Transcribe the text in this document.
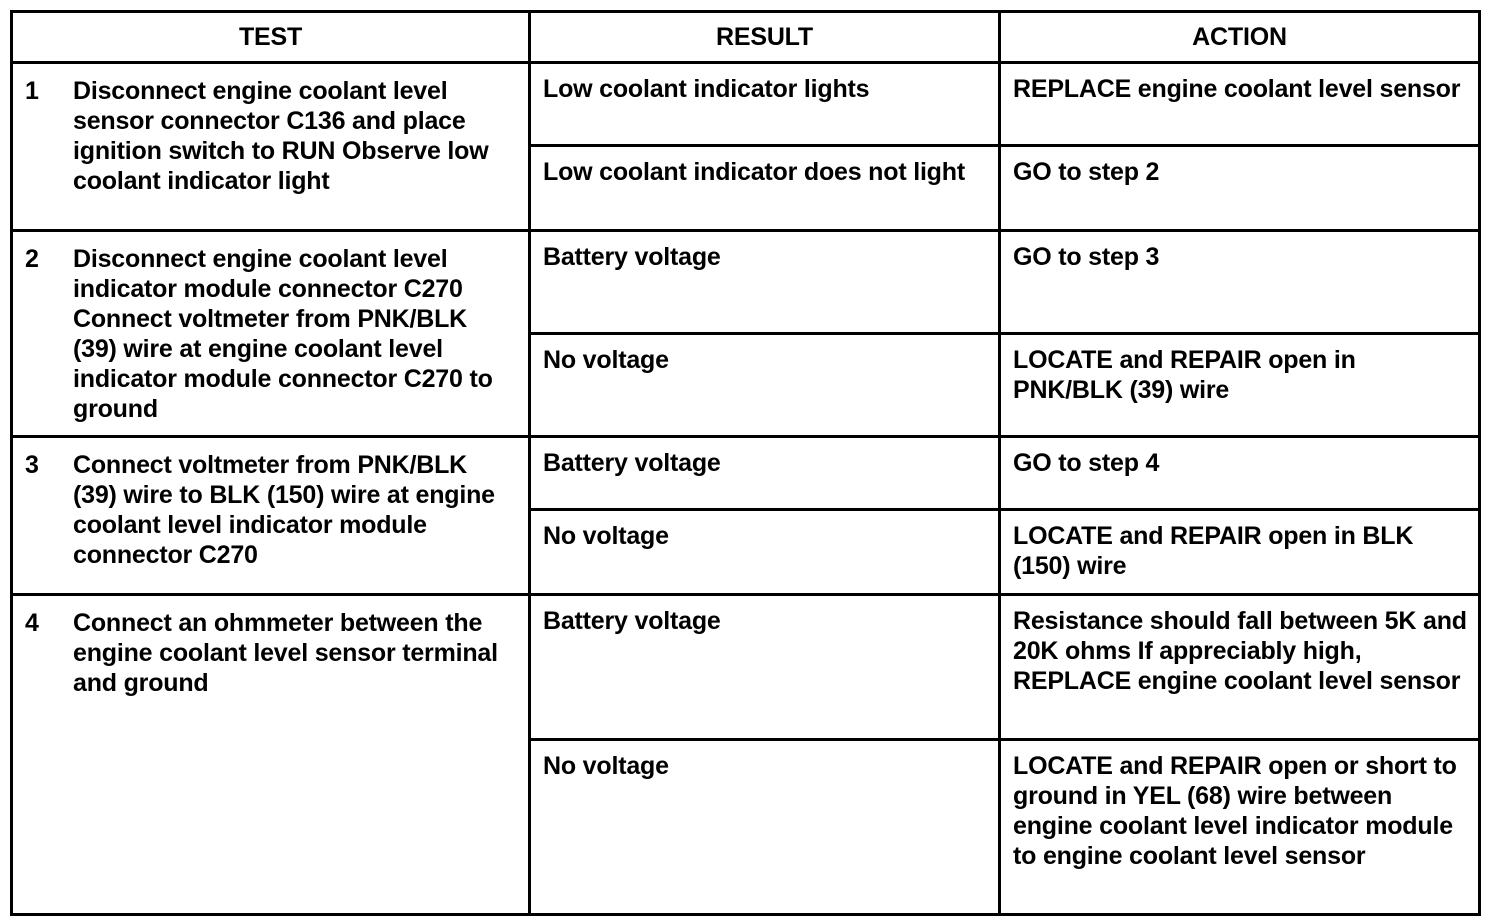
TEST	RESULT	ACTION
1 Disconnect engine coolant level sensor connector C136 and place ignition switch to RUN Observe low coolant indicator light	Low coolant indicator lights	REPLACE engine coolant level sensor
	Low coolant indicator does not light	GO to step 2
2 Disconnect engine coolant level indicator module connector C270 Connect voltmeter from PNK/BLK (39) wire at engine coolant level indicator module connector C270 to ground	Battery voltage	GO to step 3
	No voltage	LOCATE and REPAIR open in PNK/BLK (39) wire
3 Connect voltmeter from PNK/BLK (39) wire to BLK (150) wire at engine coolant level indicator module connector C270	Battery voltage	GO to step 4
	No voltage	LOCATE and REPAIR open in BLK (150) wire
4 Connect an ohmmeter between the engine coolant level sensor terminal and ground	Battery voltage	Resistance should fall between 5K and 20K ohms If appreciably high, REPLACE engine coolant level sensor
	No voltage	LOCATE and REPAIR open or short to ground in YEL (68) wire between engine coolant level indicator module to engine coolant level sensor
